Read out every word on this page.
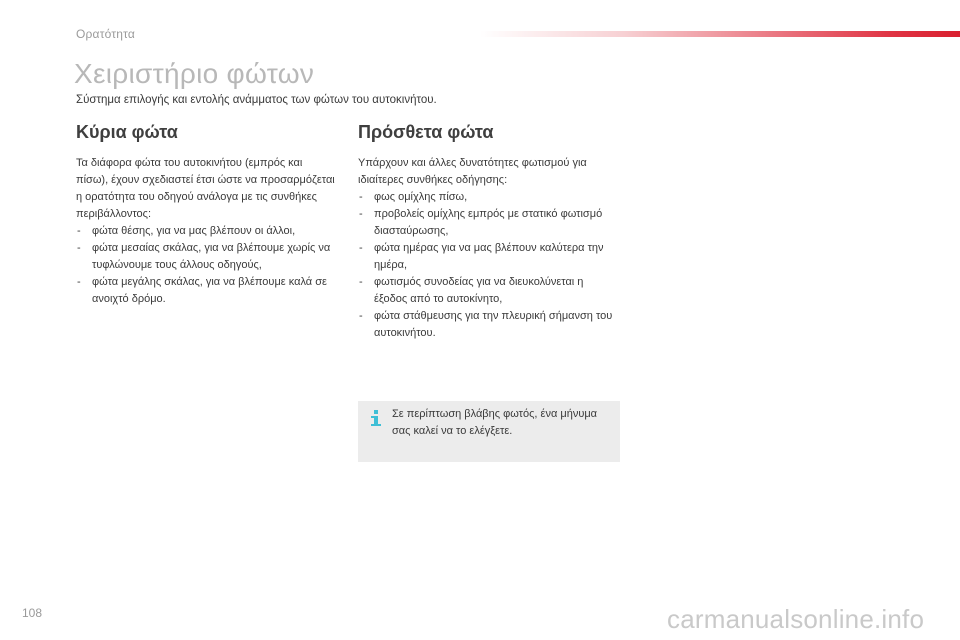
Ορατότητα
Χειριστήριο φώτων
Σύστημα επιλογής και εντολής ανάμματος των φώτων του αυτοκινήτου.
Κύρια φώτα

Τα διάφορα φώτα του αυτοκινήτου (εμπρός και πίσω), έχουν σχεδιαστεί έτσι ώστε να προσαρμόζεται η ορατότητα του οδηγού ανάλογα με τις συνθήκες περιβάλλοντος:

- φώτα θέσης, για να μας βλέπουν οι άλλοι,
- φώτα μεσαίας σκάλας, για να βλέπουμε χωρίς να τυφλώνουμε τους άλλους οδηγούς,
- φώτα μεγάλης σκάλας, για να βλέπουμε καλά σε ανοιχτό δρόμο.
Πρόσθετα φώτα

Υπάρχουν και άλλες δυνατότητες φωτισμού για ιδιαίτερες συνθήκες οδήγησης:

- φως ομίχλης πίσω,
- προβολείς ομίχλης εμπρός με στατικό φωτισμό διασταύρωσης,
- φώτα ημέρας για να μας βλέπουν καλύτερα την ημέρα,
- φωτισμός συνοδείας για να διευκολύνεται η έξοδος από το αυτοκίνητο,
- φώτα στάθμευσης για την πλευρική σήμανση του αυτοκινήτου.
Σε περίπτωση βλάβης φωτός, ένα μήνυμα σας καλεί να το ελέγξετε.
108	carmanualsonline.info
